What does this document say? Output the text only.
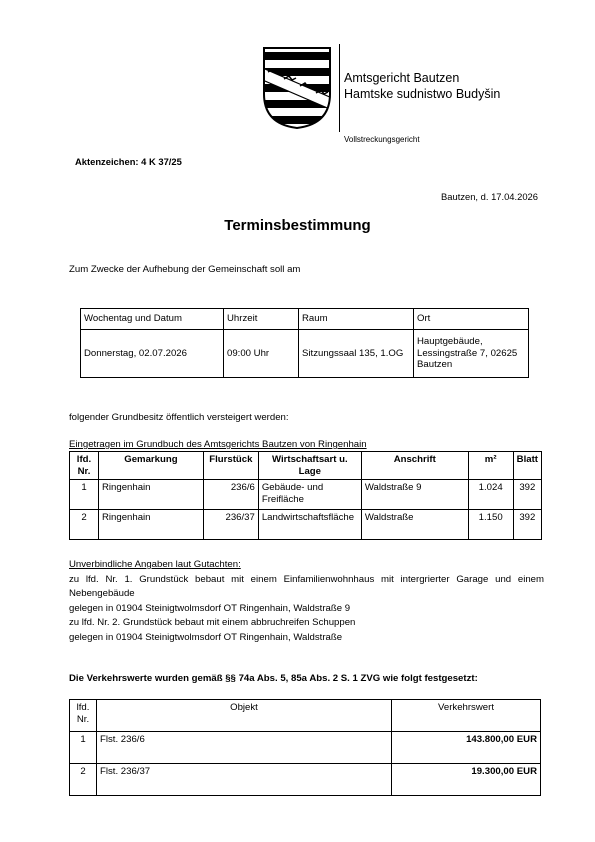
Amtsgericht Bautzen
Hamtske sudnistwo Budyšin
Vollstreckungsgericht
Aktenzeichen: 4 K 37/25
Bautzen, d. 17.04.2026
Terminsbestimmung
Zum Zwecke der Aufhebung der Gemeinschaft soll am
Wochentag und Datum	Uhrzeit	Raum	Ort
Donnerstag, 02.07.2026	09:00 Uhr	Sitzungssaal 135, 1.OG	Hauptgebäude, Lessingstraße 7, 02625 Bautzen
folgender Grundbesitz öffentlich versteigert werden:
Eingetragen im Grundbuch des Amtsgerichts Bautzen von Ringenhain
lfd. Nr.	Gemarkung	Flurstück	Wirtschaftsart u. Lage	Anschrift	m²	Blatt
1	Ringenhain	236/6	Gebäude- und Freifläche	Waldstraße 9	1.024	392
2	Ringenhain	236/37	Landwirtschaftsfläche	Waldstraße	1.150	392
Unverbindliche Angaben laut Gutachten:
zu lfd. Nr. 1. Grundstück bebaut mit einem Einfamilienwohnhaus mit intergrierter Garage und einem Nebengebäude
gelegen in 01904 Steinigtwolmsdorf OT Ringenhain, Waldstraße 9
zu lfd. Nr. 2. Grundstück bebaut mit einem abbruchreifen Schuppen
gelegen in 01904 Steinigtwolmsdorf OT Ringenhain, Waldstraße
Die Verkehrswerte wurden gemäß §§ 74a Abs. 5, 85a Abs. 2 S. 1 ZVG wie folgt festgesetzt:
lfd. Nr.	Objekt	Verkehrswert
1	Flst. 236/6	143.800,00 EUR
2	Flst. 236/37	19.300,00 EUR
